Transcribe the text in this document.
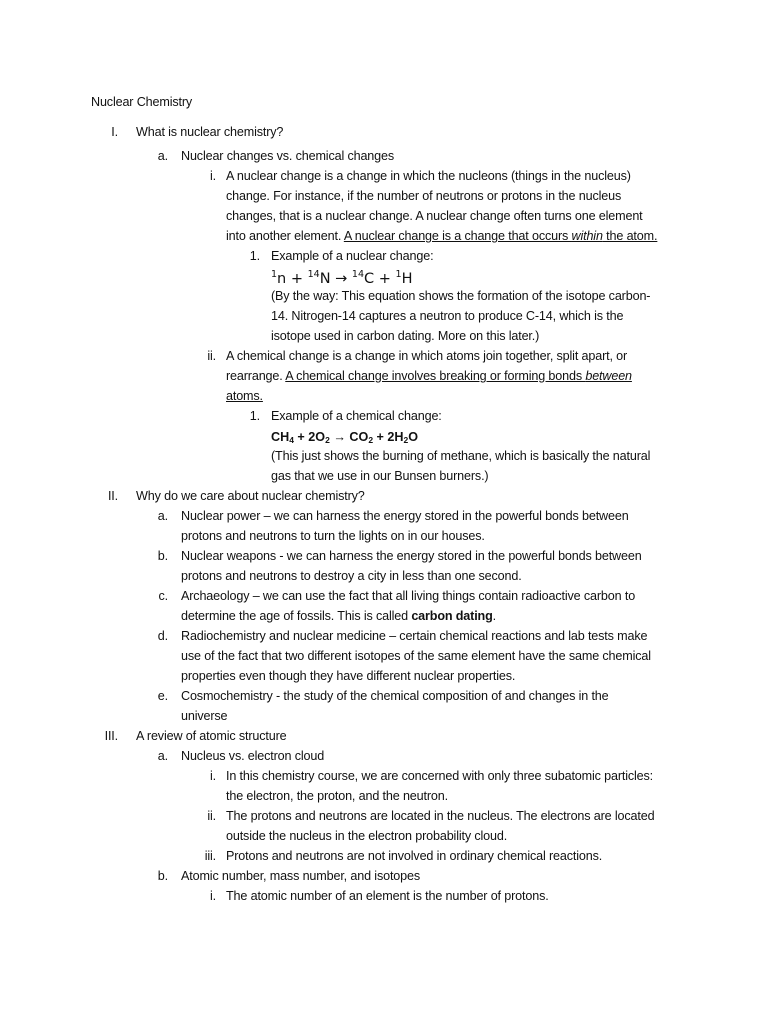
Nuclear Chemistry
I. What is nuclear chemistry?
a. Nuclear changes vs. chemical changes
i. A nuclear change is a change in which the nucleons (things in the nucleus)
change. For instance, if the number of neutrons or protons in the nucleus
changes, that is a nuclear change. A nuclear change often turns one element
into another element. A nuclear change is a change that occurs within the atom.
1. Example of a nuclear change:
$^1$n + $^{14}$N → $^{14}$C + $^1$H
(By the way: This equation shows the formation of the isotope carbon-
14. Nitrogen-14 captures a neutron to produce C-14, which is the
isotope used in carbon dating. More on this later.)
ii. A chemical change is a change in which atoms join together, split apart, or
rearrange. A chemical change involves breaking or forming bonds between
atoms.
1. Example of a chemical change:
$CH_4 + 2O_2 \to CO_2 + 2H_2O$
(This just shows the burning of methane, which is basically the natural
gas that we use in our Bunsen burners.)
II. Why do we care about nuclear chemistry?
a. Nuclear power – we can harness the energy stored in the powerful bonds between
protons and neutrons to turn the lights on in our houses.
b. Nuclear weapons - we can harness the energy stored in the powerful bonds between
protons and neutrons to destroy a city in less than one second.
c. Archaeology – we can use the fact that all living things contain radioactive carbon to
determine the age of fossils. This is called carbon dating.
d. Radiochemistry and nuclear medicine – certain chemical reactions and lab tests make
use of the fact that two different isotopes of the same element have the same chemical
properties even though they have different nuclear properties.
e. Cosmochemistry - the study of the chemical composition of and changes in the
universe
III. A review of atomic structure
a. Nucleus vs. electron cloud
i. In this chemistry course, we are concerned with only three subatomic particles:
the electron, the proton, and the neutron.
ii. The protons and neutrons are located in the nucleus. The electrons are located
outside the nucleus in the electron probability cloud.
iii. Protons and neutrons are not involved in ordinary chemical reactions.
b. Atomic number, mass number, and isotopes
i. The atomic number of an element is the number of protons.
